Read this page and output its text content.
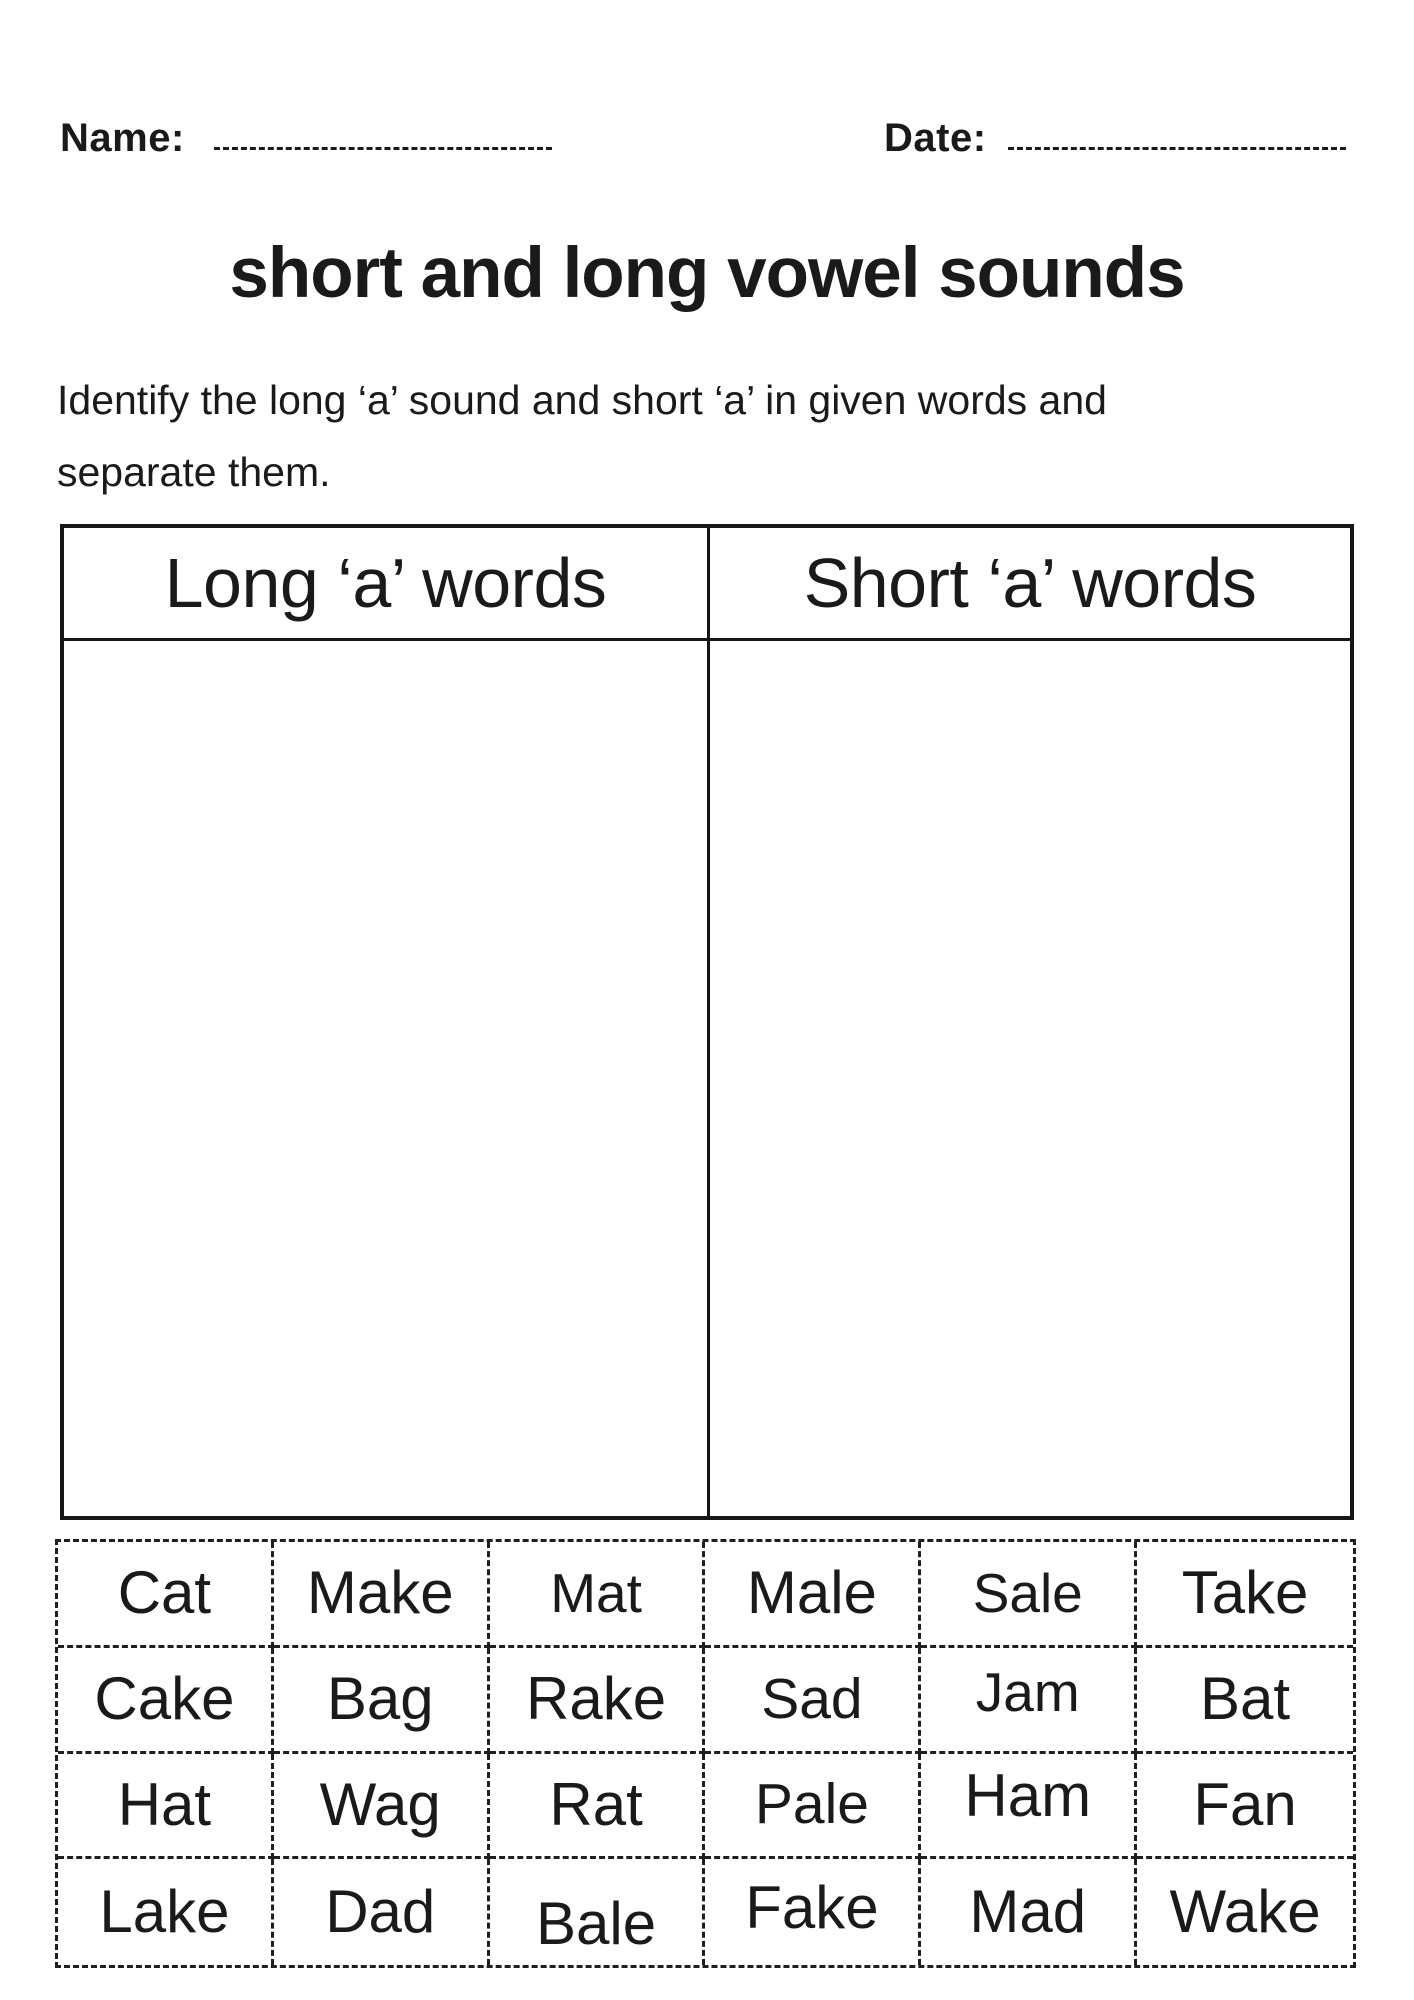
Name:	Date:
short and long vowel sounds
Identify the long ‘a’ sound and short ‘a’ in given words and
separate them.
Long ‘a’ words	Short ‘a’ words
Cat Make Mat Male Sale Take
Cake Bag Rake Sad Jam Bat
Hat Wag Rat Pale Ham Fan
Lake Dad Bale Fake Mad Wake
